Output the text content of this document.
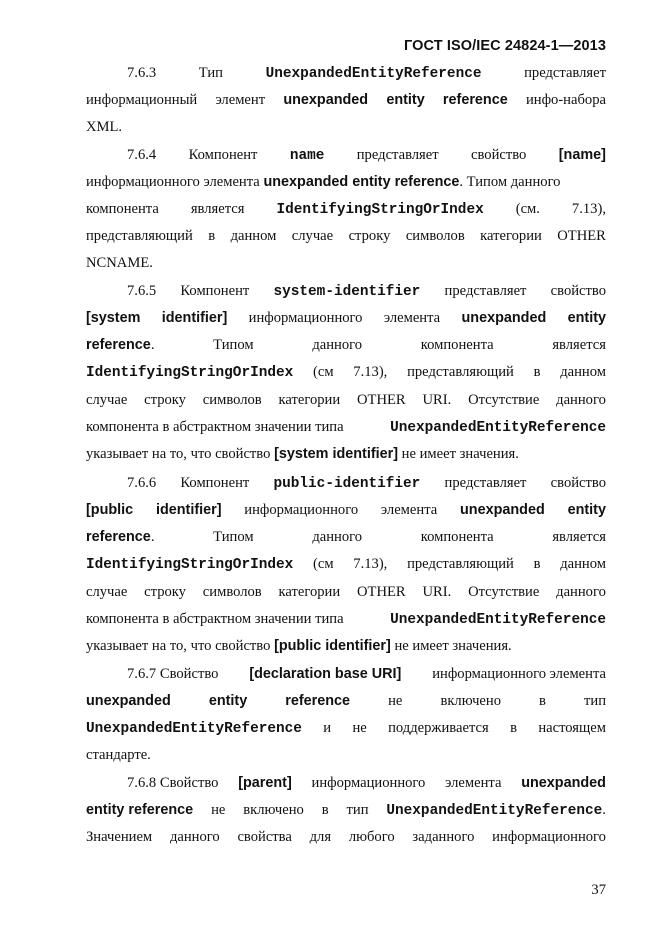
ГОСТ ISO/IEC 24824-1—2013
7.6.3	Тип	UnexpandedEntityReference	представляет
информационный элемент unexpanded entity reference инфо-набора
XML.
7.6.4 Компонент name представляет свойство [name]
информационного элемента unexpanded entity reference. Типом данного
компонента является IdentifyingStringOrIndex (см. 7.13),
представляющий в данном случае строку символов категории OTHER
NCNAME.
7.6.5 Компонент system-identifier представляет свойство
[system identifier] информационного элемента unexpanded entity
reference.	Типом	данного	компонента	является
IdentifyingStringOrIndex (см 7.13), представляющий в данном
случае строку символов категории OTHER URI. Отсутствие данного
компонента в абстрактном значении типа	UnexpandedEntityReference
указывает на то, что свойство [system identifier] не имеет значения.
7.6.6 Компонент public-identifier представляет свойство
[public identifier] информационного элемента unexpanded entity
reference.	Типом	данного	компонента	является
IdentifyingStringOrIndex (см 7.13), представляющий в данном
случае строку символов категории OTHER URI. Отсутствие данного
компонента в абстрактном значении типа	UnexpandedEntityReference
указывает на то, что свойство [public identifier] не имеет значения.
7.6.7 Свойство [declaration base URI] информационного элемента
unexpanded	entity	reference	не	включено	в	тип
UnexpandedEntityReference и не поддерживается в настоящем
стандарте.
7.6.8 Свойство [parent] информационного элемента unexpanded
entity reference не включено в тип UnexpandedEntityReference.
Значением данного свойства для любого заданного информационного
37
